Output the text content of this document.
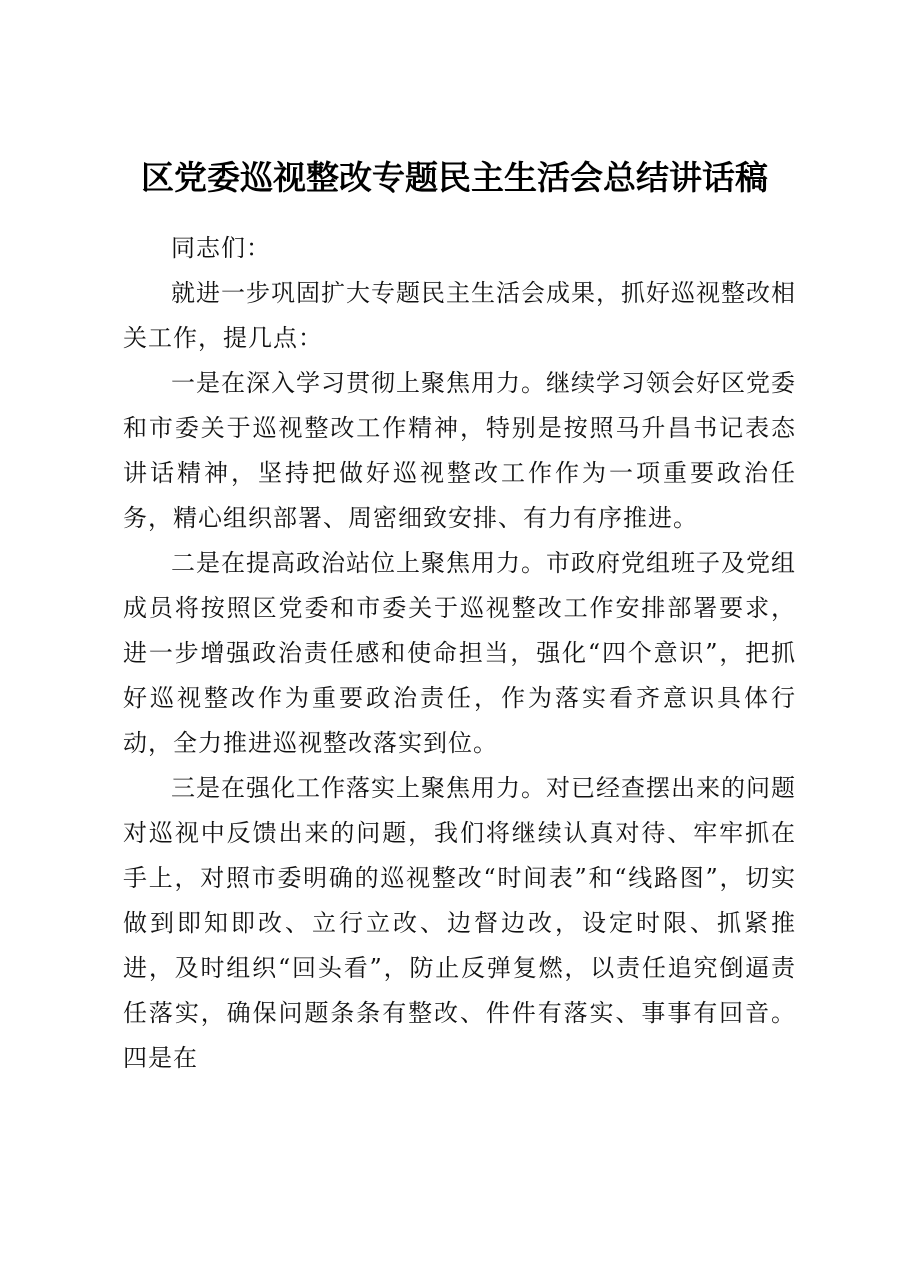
区党委巡视整改专题民主生活会总结讲话稿

同志们：

就进一步巩固扩大专题民主生活会成果，抓好巡视整改相关工作，提几点：

一是在深入学习贯彻上聚焦用力。继续学习领会好区党委和市委关于巡视整改工作精神，特别是按照马升昌书记表态讲话精神，坚持把做好巡视整改工作作为一项重要政治任务，精心组织部署、周密细致安排、有力有序推进。

二是在提高政治站位上聚焦用力。市政府党组班子及党组成员将按照区党委和市委关于巡视整改工作安排部署要求，进一步增强政治责任感和使命担当，强化“四个意识”，把抓好巡视整改作为重要政治责任，作为落实看齐意识具体行动，全力推进巡视整改落实到位。

三是在强化工作落实上聚焦用力。对已经查摆出来的问题对巡视中反馈出来的问题，我们将继续认真对待、牢牢抓在手上，对照市委明确的巡视整改“时间表”和“线路图”，切实做到即知即改、立行立改、边督边改，设定时限、抓紧推进，及时组织“回头看”，防止反弹复燃，以责任追究倒逼责任落实，确保问题条条有整改、件件有落实、事事有回音。四是在
